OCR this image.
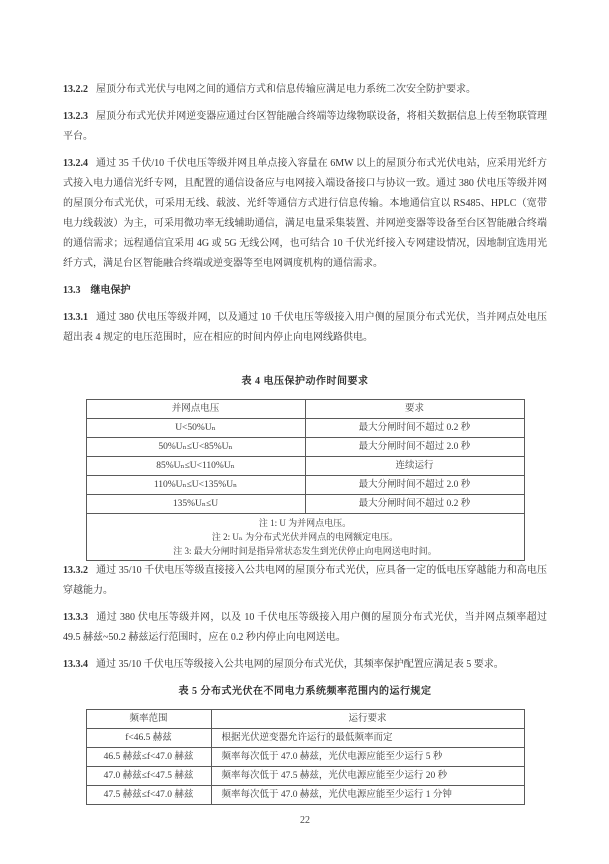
13.2.2 屋顶分布式光伏与电网之间的通信方式和信息传输应满足电力系统二次安全防护要求。

13.2.3 屋顶分布式光伏并网逆变器应通过台区智能融合终端等边缘物联设备，将相关数据信息上传至物联管理平台。

13.2.4 通过 35 千伏/10 千伏电压等级并网且单点接入容量在 6MW 以上的屋顶分布式光伏电站，应采用光纤方式接入电力通信光纤专网，且配置的通信设备应与电网接入端设备接口与协议一致。通过 380 伏电压等级并网的屋顶分布式光伏，可采用无线、载波、光纤等通信方式进行信息传输。本地通信宜以 RS485、HPLC（宽带电力线载波）为主，可采用微功率无线辅助通信，满足电量采集装置、并网逆变器等设备至台区智能融合终端的通信需求；远程通信宜采用 4G 或 5G 无线公网，也可结合 10 千伏光纤接入专网建设情况，因地制宜选用光纤方式，满足台区智能融合终端或逆变器等至电网调度机构的通信需求。

13.3 继电保护

13.3.1 通过 380 伏电压等级并网，以及通过 10 千伏电压等级接入用户侧的屋顶分布式光伏，当并网点处电压超出表 4 规定的电压范围时，应在相应的时间内停止向电网线路供电。

表 4 电压保护动作时间要求
并网点电压	要求
U<50%Uₙ	最大分闸时间不超过 0.2 秒
50%Uₙ≤U<85%Uₙ	最大分闸时间不超过 2.0 秒
85%Uₙ≤U<110%Uₙ	连续运行
110%Uₙ≤U<135%Uₙ	最大分闸时间不超过 2.0 秒
135%Uₙ≤U	最大分闸时间不超过 0.2 秒

注 1: U 为并网点电压。
注 2: Uₙ 为分布式光伏并网点的电网额定电压。
注 3: 最大分闸时间是指异常状态发生到光伏停止向电网送电时间。	

13.3.2 通过 35/10 千伏电压等级直接接入公共电网的屋顶分布式光伏，应具备一定的低电压穿越能力和高电压穿越能力。

13.3.3 通过 380 伏电压等级并网，以及 10 千伏电压等级接入用户侧的屋顶分布式光伏，当并网点频率超过 49.5 赫兹~50.2 赫兹运行范围时，应在 0.2 秒内停止向电网送电。

13.3.4 通过 35/10 千伏电压等级接入公共电网的屋顶分布式光伏，其频率保护配置应满足表 5 要求。

表 5 分布式光伏在不同电力系统频率范围内的运行规定
频率范围	运行要求
f<46.5 赫兹	根据光伏逆变器允许运行的最低频率而定
46.5 赫兹≤f<47.0 赫兹	频率每次低于 47.0 赫兹，光伏电源应能至少运行 5 秒
47.0 赫兹≤f<47.5 赫兹	频率每次低于 47.5 赫兹，光伏电源应能至少运行 20 秒
47.5 赫兹≤f<47.0 赫兹	频率每次低于 47.0 赫兹，光伏电源应能至少运行 1 分钟
22
